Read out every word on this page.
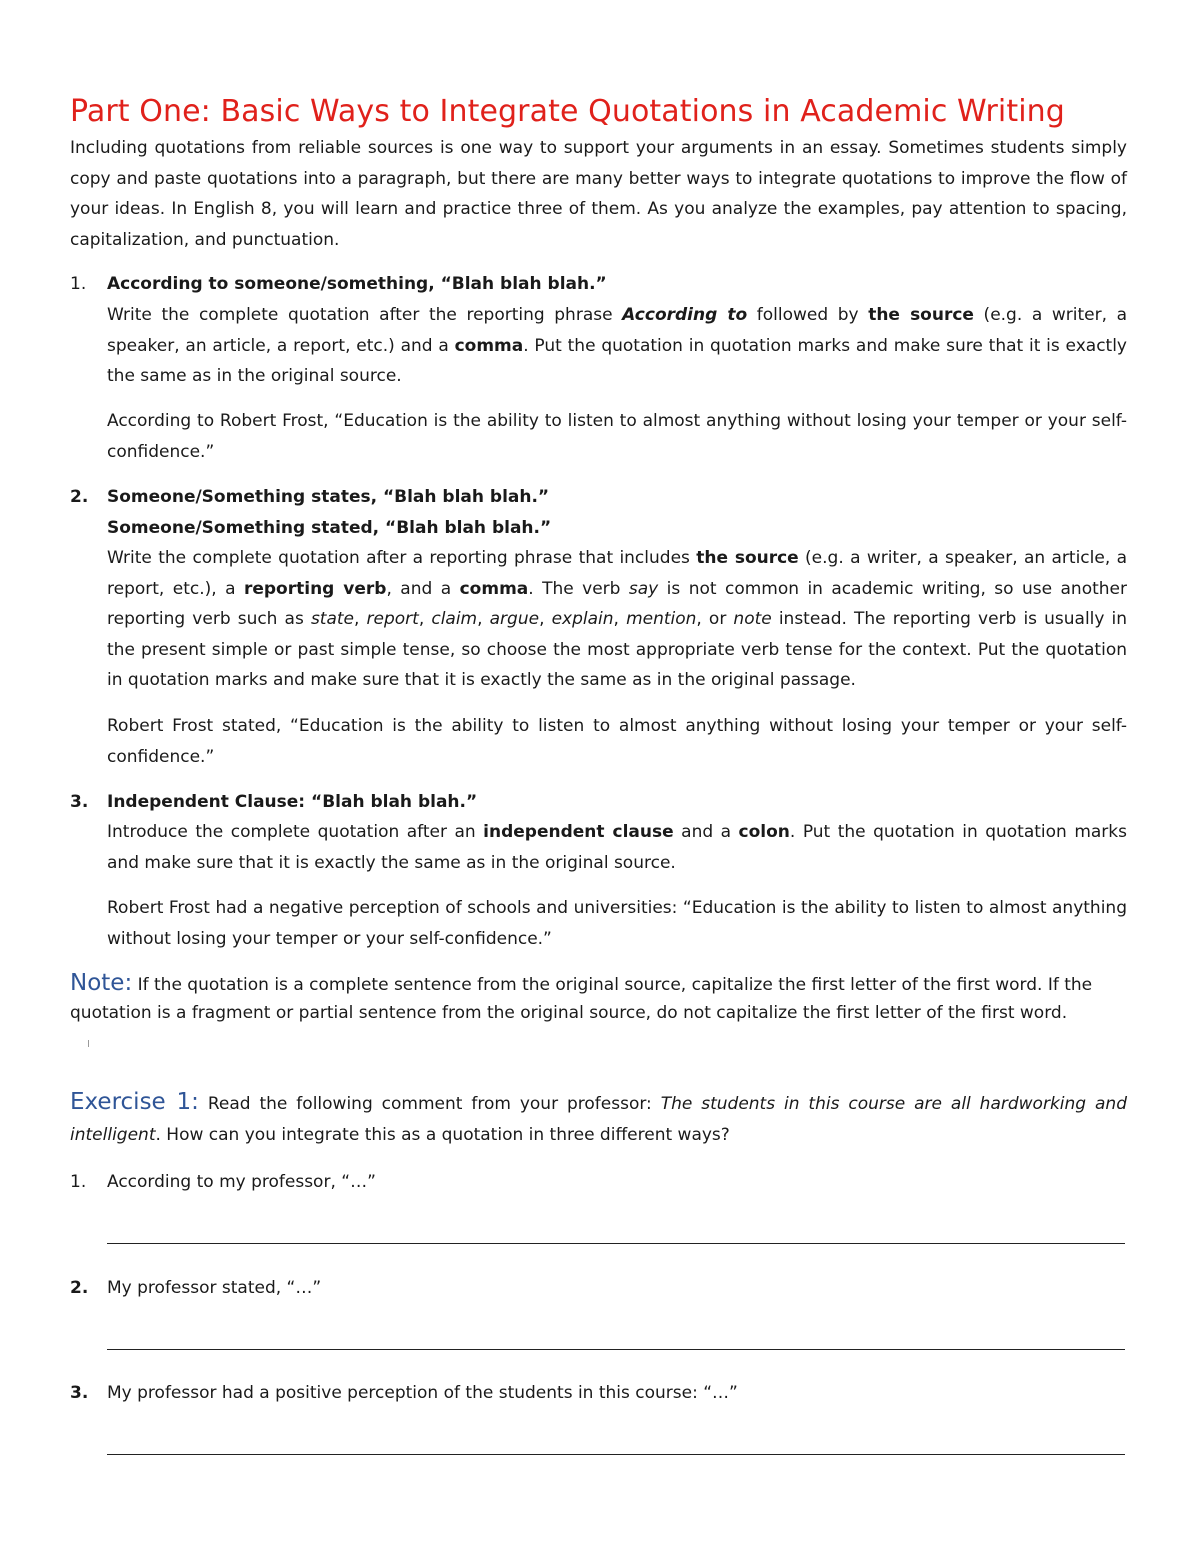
Part One: Basic Ways to Integrate Quotations in Academic Writing

Including quotations from reliable sources is one way to support your arguments in an essay. Sometimes students simply copy and paste quotations into a paragraph, but there are many better ways to integrate quotations to improve the flow of your ideas. In English 8, you will learn and practice three of them. As you analyze the examples, pay attention to spacing, capitalization, and punctuation.

1. According to someone/something, “Blah blah blah.”

Write the complete quotation after the reporting phrase According to followed by the source (e.g. a writer, a speaker, an article, a report, etc.) and a comma. Put the quotation in quotation marks and make sure that it is exactly the same as in the original source.

According to Robert Frost, “Education is the ability to listen to almost anything without losing your temper or your self-confidence.”

2. Someone/Something states, “Blah blah blah.”
Someone/Something stated, “Blah blah blah.”

Write the complete quotation after a reporting phrase that includes the source (e.g. a writer, a speaker, an article, a report, etc.), a reporting verb, and a comma. The verb say is not common in academic writing, so use another reporting verb such as state, report, claim, argue, explain, mention, or note instead. The reporting verb is usually in the present simple or past simple tense, so choose the most appropriate verb tense for the context. Put the quotation in quotation marks and make sure that it is exactly the same as in the original passage.

Robert Frost stated, “Education is the ability to listen to almost anything without losing your temper or your self-confidence.”

3. Independent Clause: “Blah blah blah.”

Introduce the complete quotation after an independent clause and a colon. Put the quotation in quotation marks and make sure that it is exactly the same as in the original source.

Robert Frost had a negative perception of schools and universities: “Education is the ability to listen to almost anything without losing your temper or your self-confidence.”

Note: If the quotation is a complete sentence from the original source, capitalize the first letter of the first word. If the quotation is a fragment or partial sentence from the original source, do not capitalize the first letter of the first word.

Exercise 1: Read the following comment from your professor: The students in this course are all hardworking and intelligent. How can you integrate this as a quotation in three different ways?

1. According to my professor, “…”
2. My professor stated, “…”
3. My professor had a positive perception of the students in this course: “…”
